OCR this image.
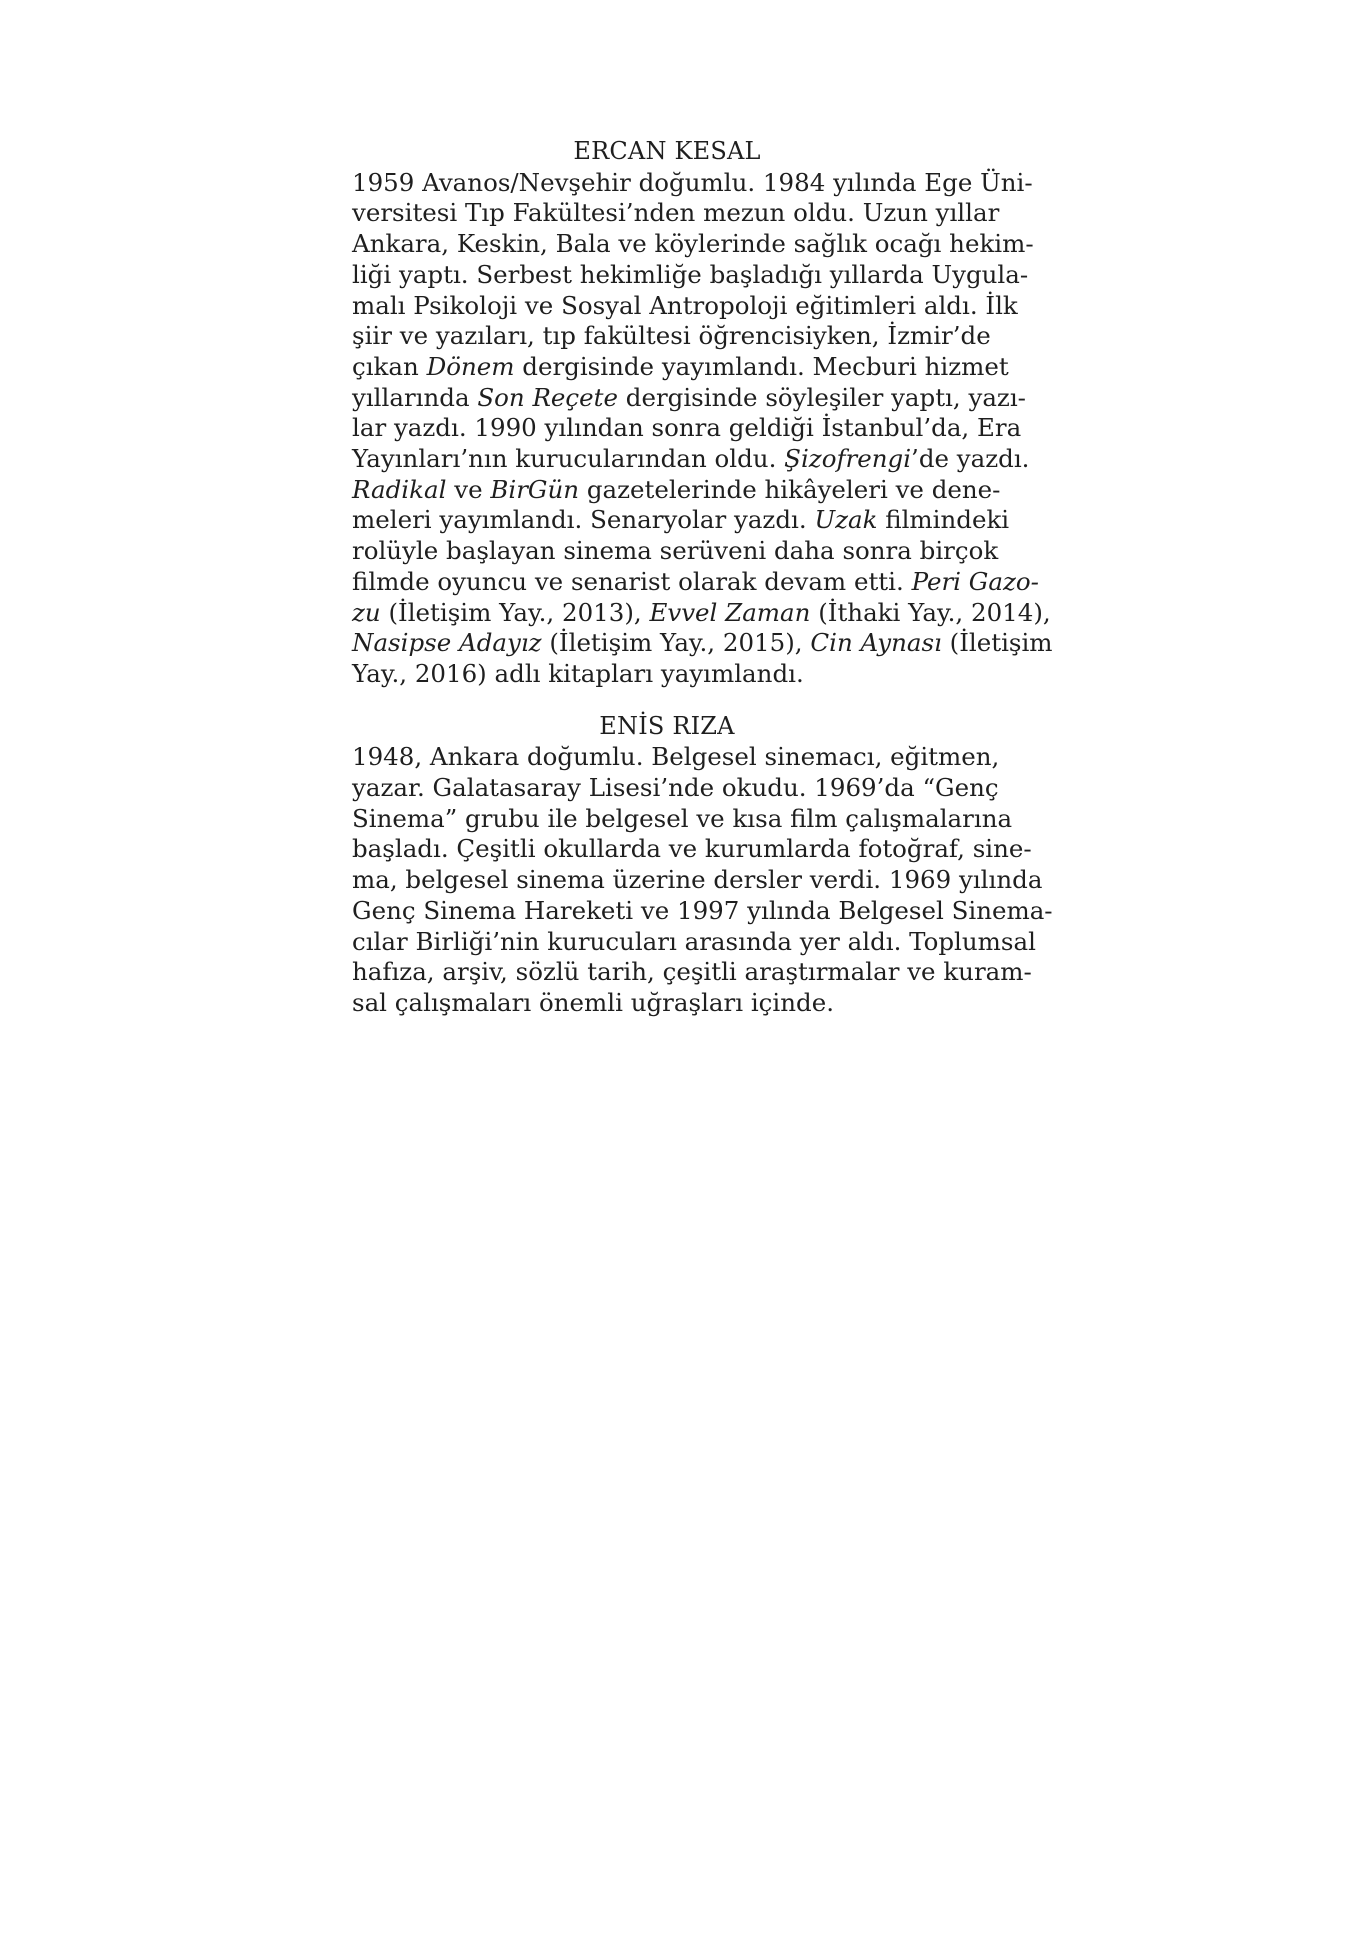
ERCAN KESAL
1959 Avanos/Nevşehir doğumlu. 1984 yılında Ege Üni-
versitesi Tıp Fakültesi’nden mezun oldu. Uzun yıllar
Ankara, Keskin, Bala ve köylerinde sağlık ocağı hekim-
liği yaptı. Serbest hekimliğe başladığı yıllarda Uygula-
malı Psikoloji ve Sosyal Antropoloji eğitimleri aldı. İlk
şiir ve yazıları, tıp fakültesi öğrencisiyken, İzmir’de
çıkan Dönem dergisinde yayımlandı. Mecburi hizmet
yıllarında Son Reçete dergisinde söyleşiler yaptı, yazı-
lar yazdı. 1990 yılından sonra geldiği İstanbul’da, Era
Yayınları’nın kurucularından oldu. Şizofrengi’de yazdı.
Radikal ve BirGün gazetelerinde hikâyeleri ve dene-
meleri yayımlandı. Senaryolar yazdı. Uzak filmindeki
rolüyle başlayan sinema serüveni daha sonra birçok
filmde oyuncu ve senarist olarak devam etti. Peri Gazo-
zu (İletişim Yay., 2013), Evvel Zaman (İthaki Yay., 2014),
Nasipse Adayız (İletişim Yay., 2015), Cin Aynası (İletişim
Yay., 2016) adlı kitapları yayımlandı.
ENİS RIZA
1948, Ankara doğumlu. Belgesel sinemacı, eğitmen,
yazar. Galatasaray Lisesi’nde okudu. 1969’da “Genç
Sinema” grubu ile belgesel ve kısa film çalışmalarına
başladı. Çeşitli okullarda ve kurumlarda fotoğraf, sine-
ma, belgesel sinema üzerine dersler verdi. 1969 yılında
Genç Sinema Hareketi ve 1997 yılında Belgesel Sinema-
cılar Birliği’nin kurucuları arasında yer aldı. Toplumsal
hafıza, arşiv, sözlü tarih, çeşitli araştırmalar ve kuram-
sal çalışmaları önemli uğraşları içinde.
